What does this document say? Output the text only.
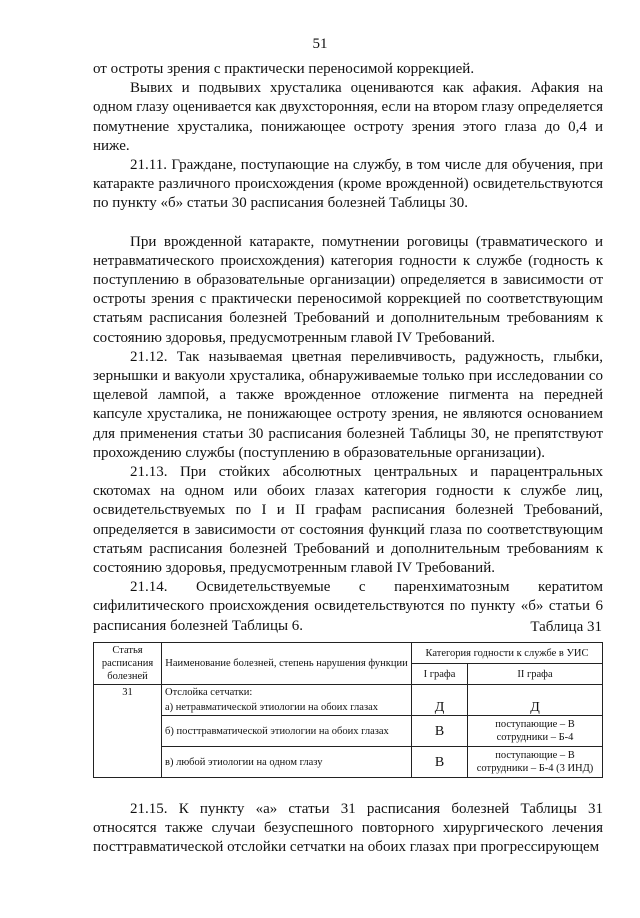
51

от остроты зрения с практически переносимой коррекцией.

Вывих и подвывих хрусталика оцениваются как афакия. Афакия на одном глазу оценивается как двухсторонняя, если на втором глазу определяется помутнение хрусталика, понижающее остроту зрения этого глаза до 0,4 и ниже.

21.11. Граждане, поступающие на службу, в том числе для обучения, при катаракте различного происхождения (кроме врожденной) освидетельствуются по пункту «б» статьи 30 расписания болезней Таблицы 30.

При врожденной катаракте, помутнении роговицы (травматического и нетравматического происхождения) категория годности к службе (годность к поступлению в образовательные организации) определяется в зависимости от остроты зрения с практически переносимой коррекцией по соответствующим статьям расписания болезней Требований и дополнительным требованиям к состоянию здоровья, предусмотренным главой IV Требований.

21.12. Так называемая цветная переливчивость, радужность, глыбки, зернышки и вакуоли хрусталика, обнаруживаемые только при исследовании со щелевой лампой, а также врожденное отложение пигмента на передней капсуле хрусталика, не понижающее остроту зрения, не являются основанием для применения статьи 30 расписания болезней Таблицы 30, не препятствуют прохождению службы (поступлению в образовательные организации).

21.13. При стойких абсолютных центральных и парацентральных скотомах на одном или обоих глазах категория годности к службе лиц, освидетельствуемых по I и II графам расписания болезней Требований, определяется в зависимости от состояния функций глаза по соответствующим статьям расписания болезней Требований и дополнительным требованиям к состоянию здоровья, предусмотренным главой IV Требований.

21.14. Освидетельствуемые с паренхиматозным кератитом сифилитического происхождения освидетельствуются по пункту «б» статьи 6 расписания болезней Таблицы 6.	Таблица 31
Статья расписания болезней	Наименование болезней, степень нарушения функции	Категория годности к службе в УИС	
		I графа	II графа
31	Отслойка сетчатки:		
	а) нетравматической этиологии на обоих глазах	Д	Д
	б) посттравматической этиологии на обоих глазах	В	поступающие – В сотрудники – Б-4
	в) любой этиологии на одном глазу	В	поступающие – В сотрудники – Б-4 (3 ИНД)

21.15. К пункту «а» статьи 31 расписания болезней Таблицы 31 относятся также случаи безуспешного повторного хирургического лечения посттравматической отслойки сетчатки на обоих глазах при прогрессирующем
